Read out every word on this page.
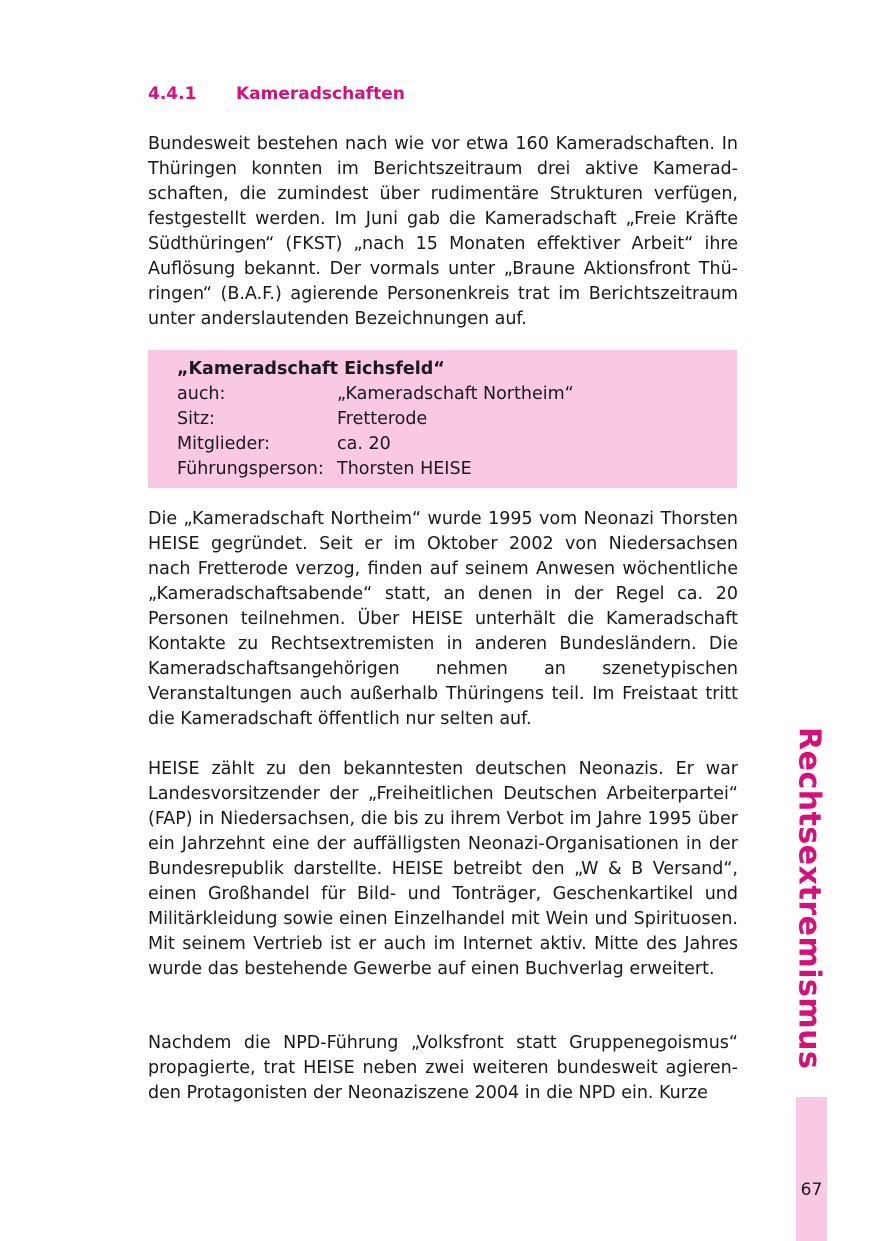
4.4.1 Kameradschaften

Bundesweit bestehen nach wie vor etwa 160 Kameradschaften. In Thüringen konnten im Berichtszeitraum drei aktive Kameradschaften, die zumindest über rudimentäre Strukturen verfügen, festgestellt werden. Im Juni gab die Kameradschaft „Freie Kräfte Südthüringen“ (FKST) „nach 15 Monaten effektiver Arbeit“ ihre Auflösung bekannt. Der vormals unter „Braune Aktionsfront Thüringen“ (B.A.F.) agierende Personenkreis trat im Berichtszeitraum unter anderslautenden Bezeichnungen auf.

„Kameradschaft Eichsfeld“
auch:	„Kameradschaft Northeim“
Sitz:	Fretterode
Mitglieder:	ca. 20
Führungsperson: Thorsten HEISE

Die „Kameradschaft Northeim“ wurde 1995 vom Neonazi Thorsten HEISE gegründet. Seit er im Oktober 2002 von Niedersachsen nach Fretterode verzog, finden auf seinem Anwesen wöchentliche „Kameradschaftsabende“ statt, an denen in der Regel ca. 20 Personen teilnehmen. Über HEISE unterhält die Kameradschaft Kontakte zu Rechtsextremisten in anderen Bundesländern. Die Kameradschaftsangehörigen nehmen an szenetypischen Veranstaltungen auch außerhalb Thüringens teil. Im Freistaat tritt die Kameradschaft öffentlich nur selten auf.

HEISE zählt zu den bekanntesten deutschen Neonazis. Er war Landesvorsitzender der „Freiheitlichen Deutschen Arbeiterpartei“ (FAP) in Niedersachsen, die bis zu ihrem Verbot im Jahre 1995 über ein Jahrzehnt eine der auffälligsten Neonazi-Organisationen in der Bundesrepublik darstellte. HEISE betreibt den „W & B Versand“, einen Großhandel für Bild- und Tonträger, Geschenkartikel und Militärkleidung sowie einen Einzelhandel mit Wein und Spirituosen. Mit seinem Vertrieb ist er auch im Internet aktiv. Mitte des Jahres wurde das bestehende Gewerbe auf einen Buchverlag erweitert.

Nachdem die NPD-Führung „Volksfront statt Gruppenegoismus“ propagierte, trat HEISE neben zwei weiteren bundesweit agierenden Protagonisten der Neonaziszene 2004 in die NPD ein. Kurze

Rechtsextremismus
67
